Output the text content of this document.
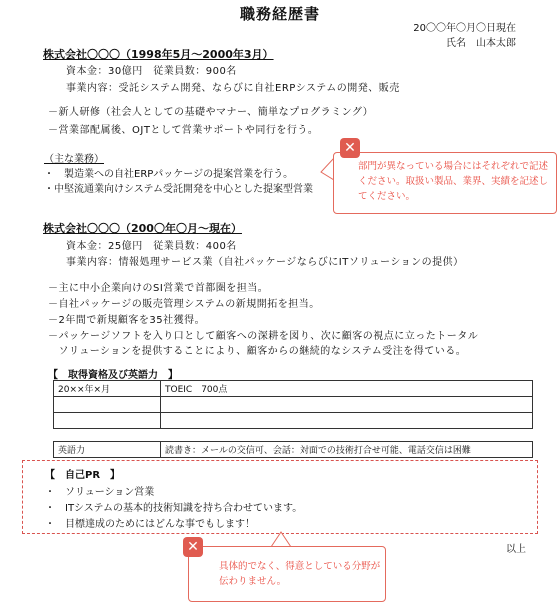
職務経歴書
20〇〇年〇月〇日現在
氏名　山本太郎
株式会社〇〇〇（1998年5月～2000年3月）
資本金：30億円　従業員数：900名
事業内容：受託システム開発、ならびに自社ERPシステムの開発、販売
－新人研修（社会人としての基礎やマナー、簡単なプログラミング）
－営業部配属後、OJTとして営業サポートや同行を行う。
（主な業務）
・　製造業への自社ERPパッケージの提案営業を行う。
・中堅流通業向けシステム受託開発を中心とした提案型営業
株式会社〇〇〇（200〇年〇月～現在）
資本金：25億円　従業員数：400名
事業内容：情報処理サービス業（自社パッケージならびにITソリューションの提供）
－主に中小企業向けのSI営業で首都圏を担当。
－自社パッケージの販売管理システムの新規開拓を担当。
－2年間で新規顧客を35社獲得。
－パッケージソフトを入り口として顧客への深耕を図り、次に顧客の視点に立ったトータル
　ソリューションを提供することにより、顧客からの継続的なシステム受注を得ている。
【　取得資格及び英語力　】
20××年×月	TOEIC　700点

英語力	読書き：メールの交信可、会話：対面での技術打合せ可能、電話交信は困難
【　自己PR　】
・　ソリューション営業
・　ITシステムの基本的技術知識を持ち合わせています。
・　目標達成のためにはどんな事でもします！
以上
部門が異なっている場合にはそれぞれで記述ください。取扱い製品、業界、実績を記述してください。
✕
具体的でなく、得意としている分野が伝わりません。
✕
